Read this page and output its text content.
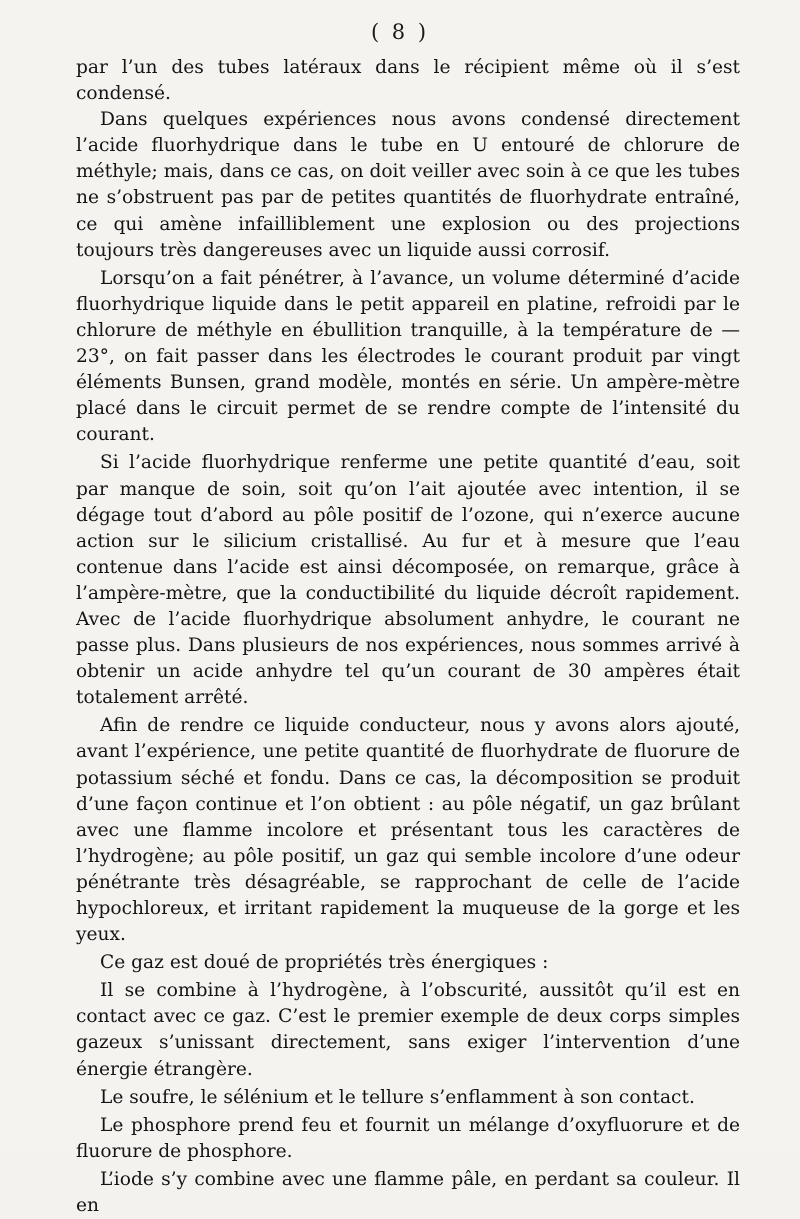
( 8 )

par l’un des tubes latéraux dans le récipient même où il s’est condensé.

Dans quelques expériences nous avons condensé directement l’acide fluorhydrique dans le tube en U entouré de chlorure de méthyle; mais, dans ce cas, on doit veiller avec soin à ce que les tubes ne s’obstruent pas par de petites quantités de fluorhydrate entraîné, ce qui amène infailliblement une explosion ou des projections toujours très dangereuses avec un liquide aussi corrosif.

Lorsqu’on a fait pénétrer, à l’avance, un volume déterminé d’acide fluorhydrique liquide dans le petit appareil en platine, refroidi par le chlorure de méthyle en ébullition tranquille, à la température de — 23°, on fait passer dans les électrodes le courant produit par vingt éléments Bunsen, grand modèle, montés en série. Un ampère-mètre placé dans le circuit permet de se rendre compte de l’intensité du courant.

Si l’acide fluorhydrique renferme une petite quantité d’eau, soit par manque de soin, soit qu’on l’ait ajoutée avec intention, il se dégage tout d’abord au pôle positif de l’ozone, qui n’exerce aucune action sur le silicium cristallisé. Au fur et à mesure que l’eau contenue dans l’acide est ainsi décomposée, on remarque, grâce à l’ampère-mètre, que la conductibilité du liquide décroît rapidement. Avec de l’acide fluorhydrique absolument anhydre, le courant ne passe plus. Dans plusieurs de nos expériences, nous sommes arrivé à obtenir un acide anhydre tel qu’un courant de 30 ampères était totalement arrêté.

Afin de rendre ce liquide conducteur, nous y avons alors ajouté, avant l’expérience, une petite quantité de fluorhydrate de fluorure de potassium séché et fondu. Dans ce cas, la décomposition se produit d’une façon continue et l’on obtient : au pôle négatif, un gaz brûlant avec une flamme incolore et présentant tous les caractères de l’hydrogène; au pôle positif, un gaz qui semble incolore d’une odeur pénétrante très désagréable, se rapprochant de celle de l’acide hypochloreux, et irritant rapidement la muqueuse de la gorge et les yeux.

Ce gaz est doué de propriétés très énergiques :

Il se combine à l’hydrogène, à l’obscurité, aussitôt qu’il est en contact avec ce gaz. C’est le premier exemple de deux corps simples gazeux s’unissant directement, sans exiger l’intervention d’une énergie étrangère.

Le soufre, le sélénium et le tellure s’enflamment à son contact.

Le phosphore prend feu et fournit un mélange d’oxyfluorure et de fluorure de phosphore.

L’iode s’y combine avec une flamme pâle, en perdant sa couleur. Il en
